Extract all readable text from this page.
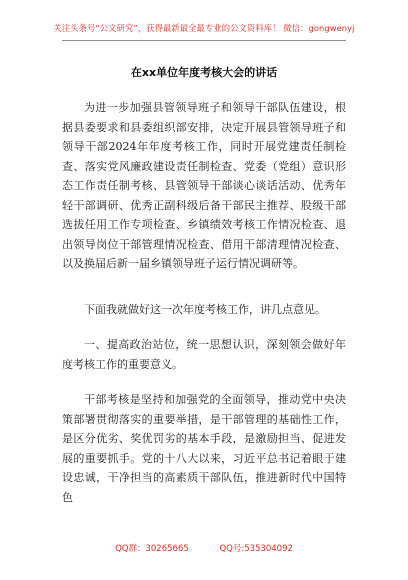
关注头条号“公文研究”，获得最新最全最专业的公文资料库！ 微信：gongwenyj
在xx单位年度考核大会的讲话

为进一步加强县管领导班子和领导干部队伍建设，根据县委要求和县委组织部安排，决定开展县管领导班子和领导干部2024年年度考核工作，同时开展党建责任制检查、落实党风廉政建设责任制检查、党委（党组）意识形态工作责任制考核、县管领导干部谈心谈话活动、优秀年轻干部调研、优秀正副科级后备干部民主推荐、股级干部选拔任用工作专项检查、乡镇绩效考核工作情况检查、退出领导岗位干部管理情况检查、借用干部清理情况检查、以及换届后新一届乡镇领导班子运行情况调研等。

下面我就做好这一次年度考核工作，讲几点意见。

一、提高政治站位，统一思想认识，深刻领会做好年度考核工作的重要意义。

干部考核是坚持和加强党的全面领导，推动党中央决策部署贯彻落实的重要举措，是干部管理的基础性工作，是区分优劣、奖优罚劣的基本手段，是激励担当、促进发展的重要抓手。党的十八大以来，习近平总书记着眼于建设忠诚，干净担当的高素质干部队伍，推进新时代中国特色

QQ群：30265665	QQ号:535304092
